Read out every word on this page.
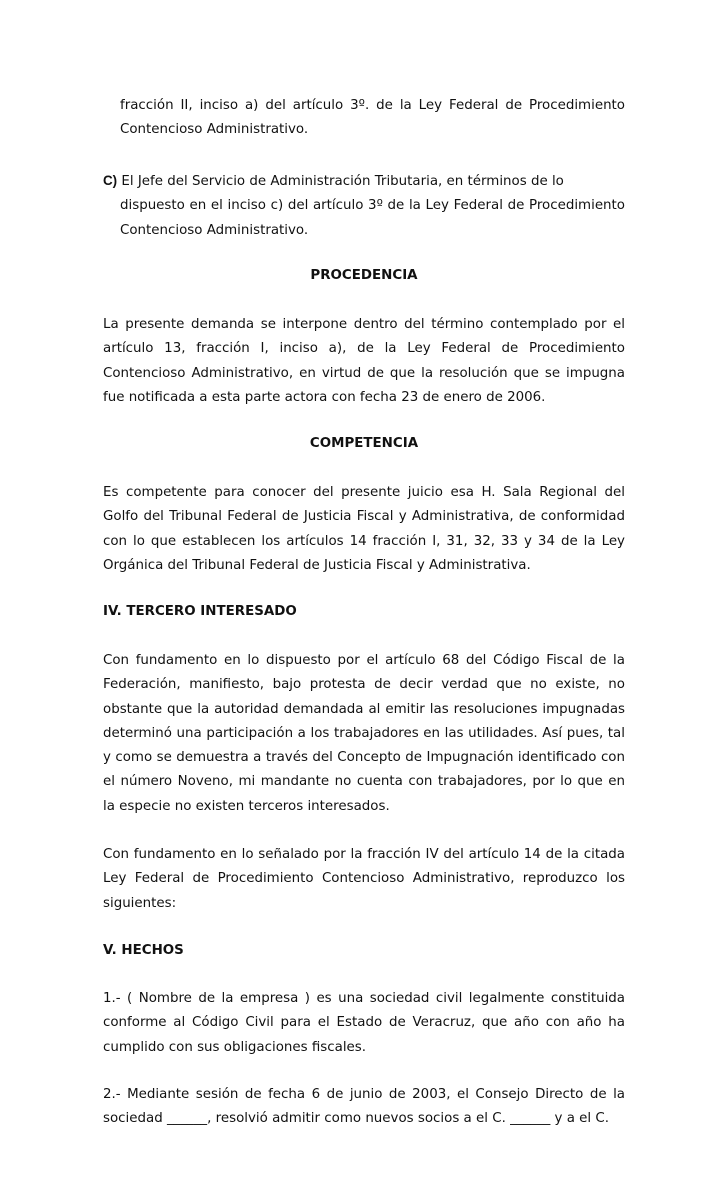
fracción II, inciso a) del artículo 3º. de la Ley Federal de Procedimiento Contencioso Administrativo.
C) El Jefe del Servicio de Administración Tributaria, en términos de lo
dispuesto en el inciso c) del artículo 3º de la Ley Federal de Procedimiento Contencioso Administrativo.
PROCEDENCIA
La presente demanda se interpone dentro del término contemplado por el artículo 13, fracción I, inciso a), de la Ley Federal de Procedimiento Contencioso Administrativo, en virtud de que la resolución que se impugna fue notificada a esta parte actora con fecha 23 de enero de 2006.
COMPETENCIA
Es competente para conocer del presente juicio esa H. Sala Regional del Golfo del Tribunal Federal de Justicia Fiscal y Administrativa, de conformidad con lo que establecen los artículos 14 fracción I, 31, 32, 33 y 34 de la Ley Orgánica del Tribunal Federal de Justicia Fiscal y Administrativa.
IV. TERCERO INTERESADO
Con fundamento en lo dispuesto por el artículo 68 del Código Fiscal de la Federación, manifiesto, bajo protesta de decir verdad que no existe, no obstante que la autoridad demandada al emitir las resoluciones impugnadas determinó una participación a los trabajadores en las utilidades. Así pues, tal y como se demuestra a través del Concepto de Impugnación identificado con el número Noveno, mi mandante no cuenta con trabajadores, por lo que en la especie no existen terceros interesados.
Con fundamento en lo señalado por la fracción IV del artículo 14 de la citada Ley Federal de Procedimiento Contencioso Administrativo, reproduzco los siguientes:
V. HECHOS
1.- ( Nombre de la empresa ) es una sociedad civil legalmente constituida conforme al Código Civil para el Estado de Veracruz, que año con año ha cumplido con sus obligaciones fiscales.
2.- Mediante sesión de fecha 6 de junio de 2003, el Consejo Directo de la sociedad ______, resolvió admitir como nuevos socios a el C. ______ y a el C.
